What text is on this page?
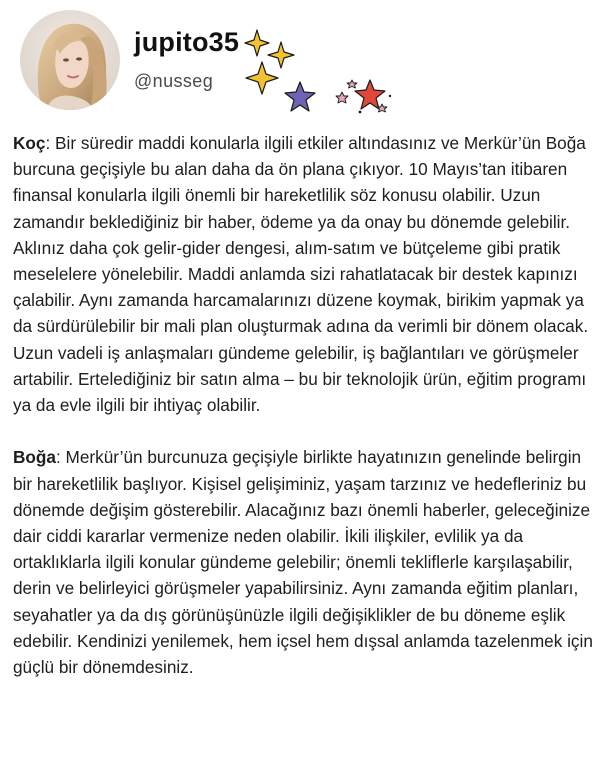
jupito35
@nusseg

Koç: Bir süredir maddi konularla ilgili etkiler altındasınız ve Merkür’ün Boğa burcuna geçişiyle bu alan daha da ön plana çıkıyor. 10 Mayıs’tan itibaren finansal konularla ilgili önemli bir hareketlilik söz konusu olabilir. Uzun zamandır beklediğiniz bir haber, ödeme ya da onay bu dönemde gelebilir. Aklınız daha çok gelir-gider dengesi, alım-satım ve bütçeleme gibi pratik meselelere yönelebilir. Maddi anlamda sizi rahatlatacak bir destek kapınızı çalabilir. Aynı zamanda harcamalarınızı düzene koymak, birikim yapmak ya da sürdürülebilir bir mali plan oluşturmak adına da verimli bir dönem olacak. Uzun vadeli iş anlaşmaları gündeme gelebilir, iş bağlantıları ve görüşmeler artabilir. Ertelediğiniz bir satın alma – bu bir teknolojik ürün, eğitim programı ya da evle ilgili bir ihtiyaç olabilir.

Boğa: Merkür’ün burcunuza geçişiyle birlikte hayatınızın genelinde belirgin bir hareketlilik başlıyor. Kişisel gelişiminiz, yaşam tarzınız ve hedefleriniz bu dönemde değişim gösterebilir. Alacağınız bazı önemli haberler, geleceğinize dair ciddi kararlar vermenize neden olabilir. İkili ilişkiler, evlilik ya da ortaklıklarla ilgili konular gündeme gelebilir; önemli tekliflerle karşılaşabilir, derin ve belirleyici görüşmeler yapabilirsiniz. Aynı zamanda eğitim planları, seyahatler ya da dış görünüşünüzle ilgili değişiklikler de bu döneme eşlik edebilir. Kendinizi yenilemek, hem içsel hem dışsal anlamda tazelenmek için güçlü bir dönemdesiniz.
